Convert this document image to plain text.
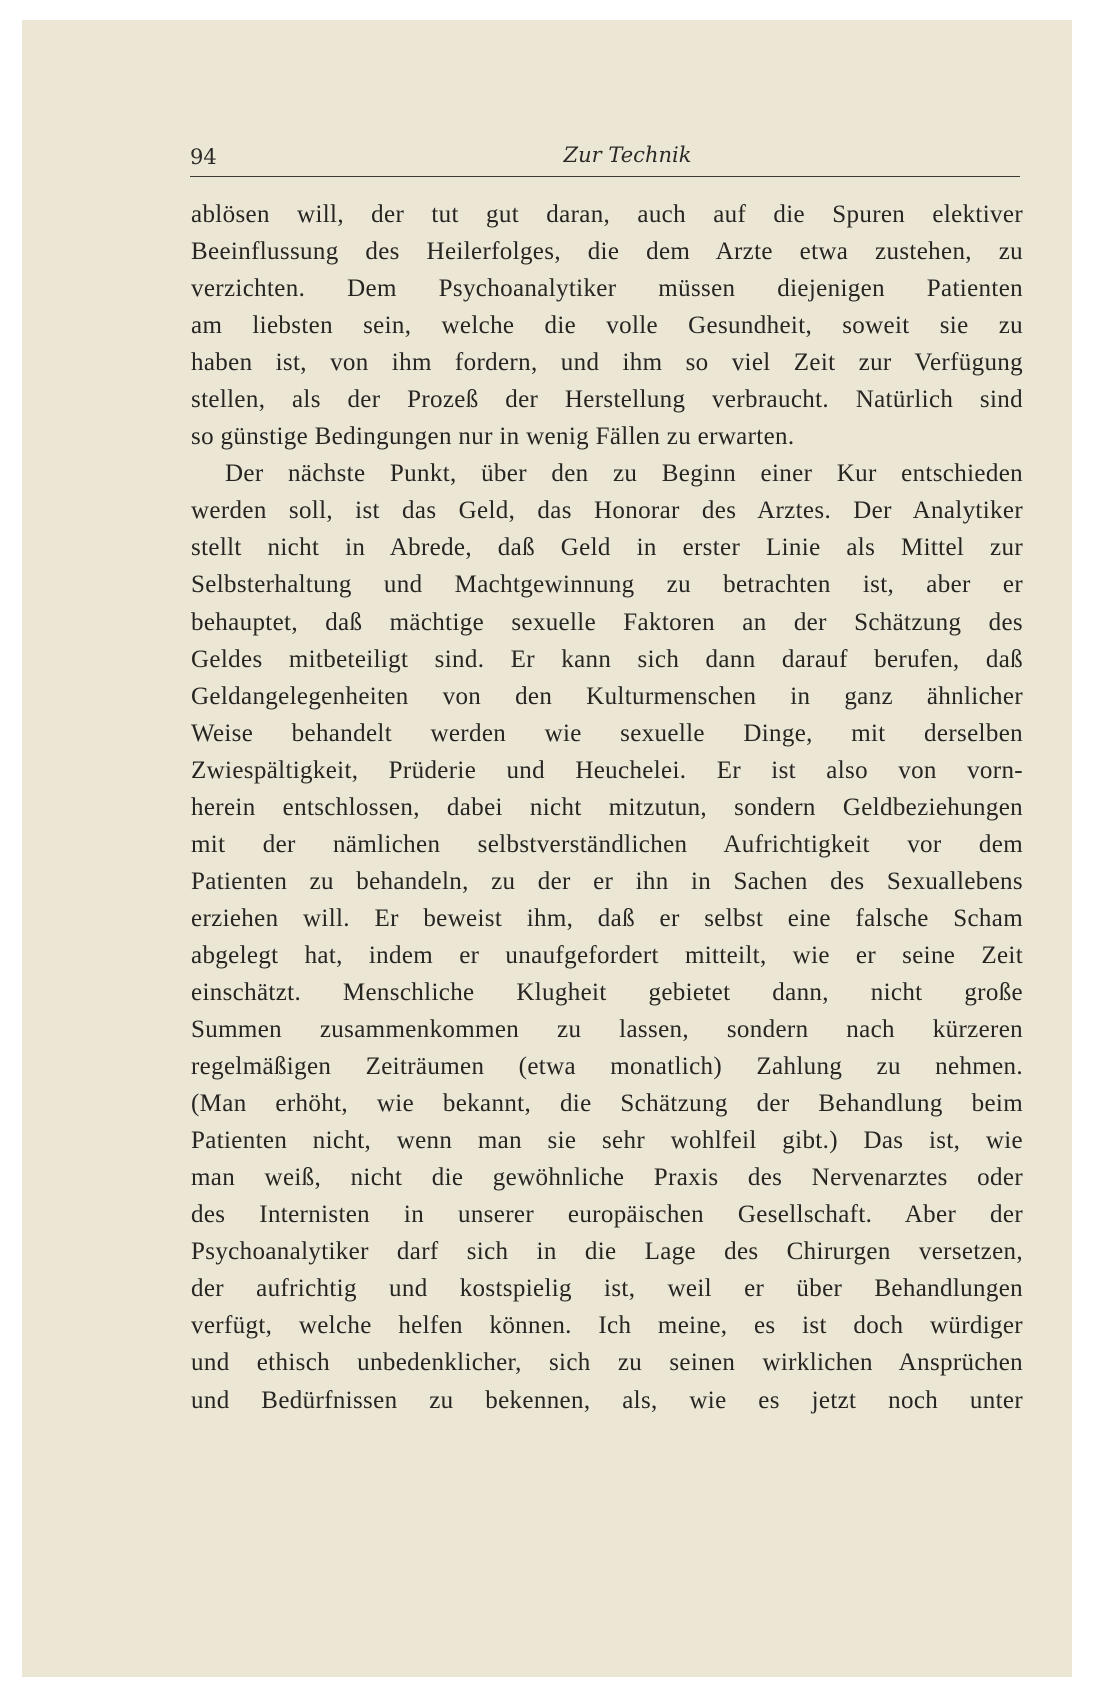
94	Zur Technik
ablösen will, der tut gut daran, auch auf die Spuren elektiver
Beeinflussung des Heilerfolges, die dem Arzte etwa zustehen, zu
verzichten. Dem Psychoanalytiker müssen diejenigen Patienten
am liebsten sein, welche die volle Gesundheit, soweit sie zu
haben ist, von ihm fordern, und ihm so viel Zeit zur Verfügung
stellen, als der Prozeß der Herstellung verbraucht. Natürlich sind
so günstige Bedingungen nur in wenig Fällen zu erwarten.
Der nächste Punkt, über den zu Beginn einer Kur entschieden
werden soll, ist das Geld, das Honorar des Arztes. Der Analytiker
stellt nicht in Abrede, daß Geld in erster Linie als Mittel zur
Selbsterhaltung und Machtgewinnung zu betrachten ist, aber er
behauptet, daß mächtige sexuelle Faktoren an der Schätzung des
Geldes mitbeteiligt sind. Er kann sich dann darauf berufen, daß
Geldangelegenheiten von den Kulturmenschen in ganz ähnlicher
Weise behandelt werden wie sexuelle Dinge, mit derselben
Zwiespältigkeit, Prüderie und Heuchelei. Er ist also von vorn-
herein entschlossen, dabei nicht mitzutun, sondern Geldbeziehungen
mit der nämlichen selbstverständlichen Aufrichtigkeit vor dem
Patienten zu behandeln, zu der er ihn in Sachen des Sexuallebens
erziehen will. Er beweist ihm, daß er selbst eine falsche Scham
abgelegt hat, indem er unaufgefordert mitteilt, wie er seine Zeit
einschätzt. Menschliche Klugheit gebietet dann, nicht große
Summen zusammenkommen zu lassen, sondern nach kürzeren
regelmäßigen Zeiträumen (etwa monatlich) Zahlung zu nehmen.
(Man erhöht, wie bekannt, die Schätzung der Behandlung beim
Patienten nicht, wenn man sie sehr wohlfeil gibt.) Das ist, wie
man weiß, nicht die gewöhnliche Praxis des Nervenarztes oder
des Internisten in unserer europäischen Gesellschaft. Aber der
Psychoanalytiker darf sich in die Lage des Chirurgen versetzen,
der aufrichtig und kostspielig ist, weil er über Behandlungen
verfügt, welche helfen können. Ich meine, es ist doch würdiger
und ethisch unbedenklicher, sich zu seinen wirklichen Ansprüchen
und Bedürfnissen zu bekennen, als, wie es jetzt noch unter
